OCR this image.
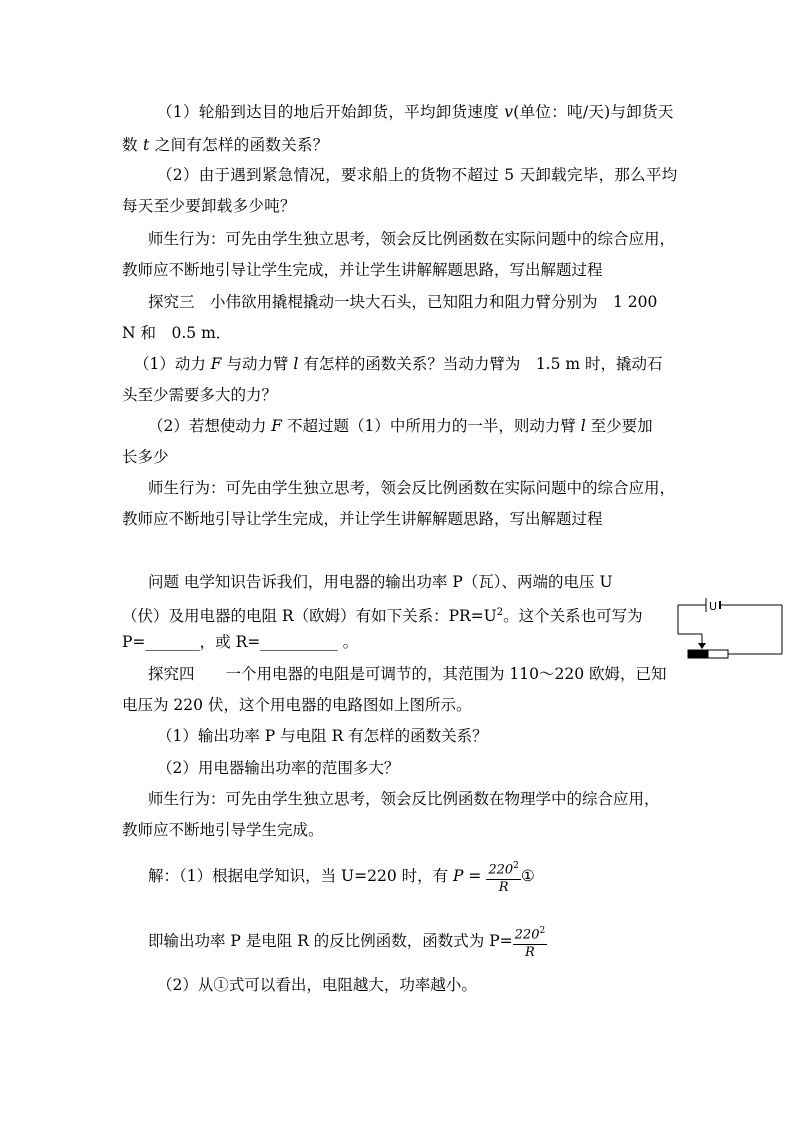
（1）轮船到达目的地后开始卸货，平均卸货速度 v(单位：吨/天)与卸货天
数 t 之间有怎样的函数关系？
（2）由于遇到紧急情况，要求船上的货物不超过 5 天卸载完毕，那么平均
每天至少要卸载多少吨？
师生行为：可先由学生独立思考，领会反比例函数在实际问题中的综合应用，
教师应不断地引导让学生完成，并让学生讲解解题思路，写出解题过程
探究三　小伟欲用撬棍撬动一块大石头，已知阻力和阻力臂分别为　1 200
N 和　0.5 m．
（1）动力 F 与动力臂 l 有怎样的函数关系？当动力臂为　1.5 m 时，撬动石
头至少需要多大的力？
（2）若想使动力 F 不超过题（1）中所用力的一半，则动力臂 l 至少要加
长多少
师生行为：可先由学生独立思考，领会反比例函数在实际问题中的综合应用，
教师应不断地引导让学生完成，并让学生讲解解题思路，写出解题过程
问题 电学知识告诉我们，用电器的输出功率 P（瓦）、两端的电压 U
（伏）及用电器的电阻 R（欧姆）有如下关系：$PR=U^2$。这个关系也可写为
P=_______，或 R=__________ 。
U
探究四　　一个用电器的电阻是可调节的，其范围为 110～220 欧姆，已知
电压为 220 伏，这个用电器的电路图如上图所示。
（1）输出功率 P 与电阻 R 有怎样的函数关系？
（2）用电器输出功率的范围多大？
师生行为：可先由学生独立思考，领会反比例函数在物理学中的综合应用，
教师应不断地引导学生完成。
解：（1）根据电学知识，当 U=220 时，有 $P = \frac{220^2}{R}$ ①
即输出功率 P 是电阻 R 的反比例函数，函数式为 $P= \frac{220^2}{R}$
（2）从①式可以看出，电阻越大，功率越小。
